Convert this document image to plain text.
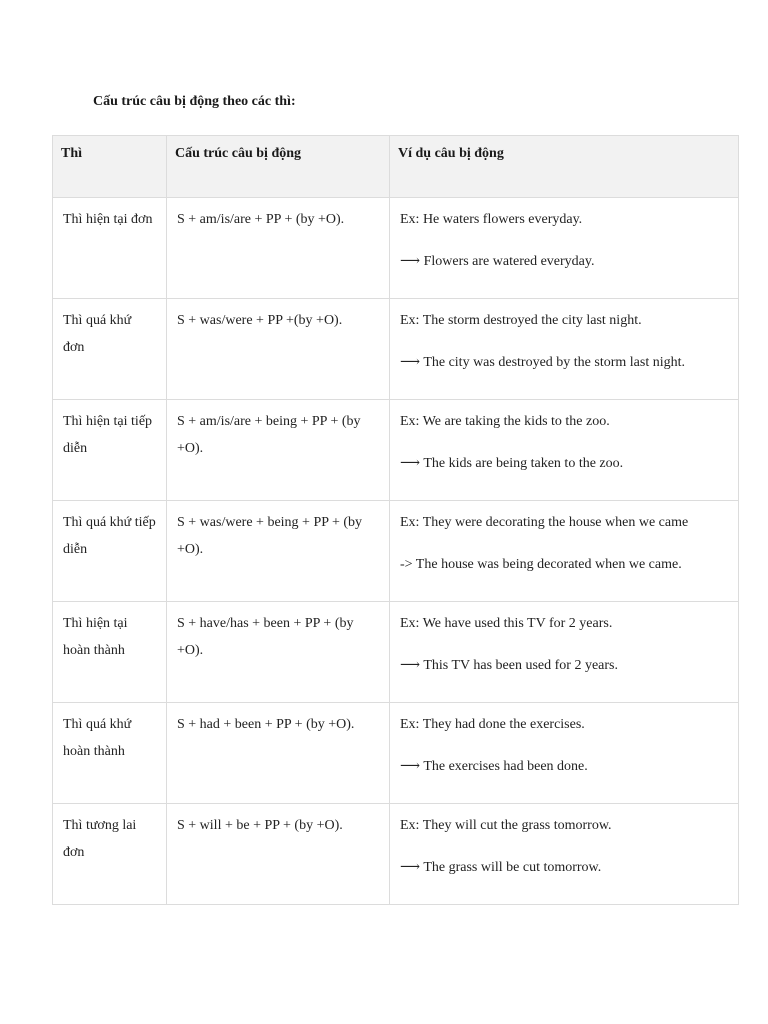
Cấu trúc câu bị động theo các thì:
Thì	Cấu trúc câu bị động	Ví dụ câu bị động

Thì hiện tại đơn	S + am/is/are + PP + (by +O).	Ex: He waters flowers everyday.
⟶ Flowers are watered everyday.

Thì quá khứ đơn	S + was/were + PP +(by +O).	Ex: The storm destroyed the city last night.
⟶ The city was destroyed by the storm last night.

Thì hiện tại tiếp diễn	S + am/is/are + being + PP + (by +O).	Ex: We are taking the kids to the zoo.
⟶ The kids are being taken to the zoo.

Thì quá khứ tiếp diễn	S + was/were + being + PP + (by +O).	Ex: They were decorating the house when we came
-> The house was being decorated when we came.

Thì hiện tại hoàn thành	S + have/has + been + PP + (by +O).	Ex: We have used this TV for 2 years.
⟶ This TV has been used for 2 years.

Thì quá khứ hoàn thành	S + had + been + PP + (by +O).	Ex: They had done the exercises.
⟶ The exercises had been done.

Thì tương lai đơn	S + will + be + PP + (by +O).	Ex: They will cut the grass tomorrow.
⟶ The grass will be cut tomorrow.
